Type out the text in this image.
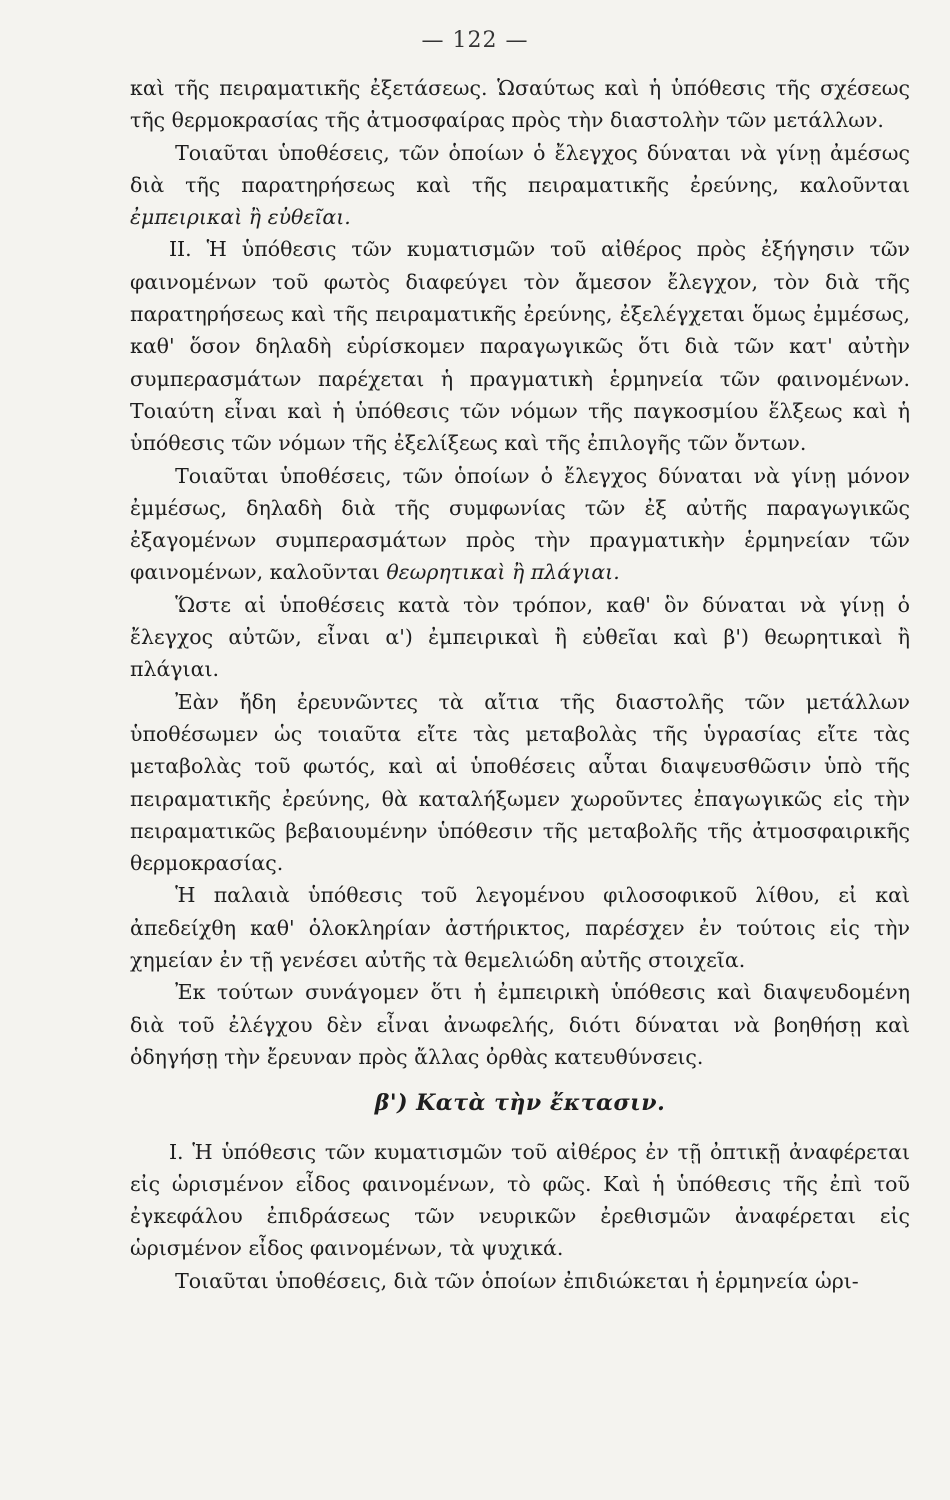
— 122 —

καὶ τῆς πειραματικῆς ἐξετάσεως. Ὡσαύτως καὶ ἡ ὑπόθεσις τῆς σχέσεως τῆς θερμοκρασίας τῆς ἀτμοσφαίρας πρὸς τὴν διαστολὴν τῶν μετάλλων.

Τοιαῦται ὑποθέσεις, τῶν ὁποίων ὁ ἔλεγχος δύναται νὰ γίνῃ ἀμέσως διὰ τῆς παρατηρήσεως καὶ τῆς πειραματικῆς ἐρεύνης, καλοῦνται ἐμπειρικαὶ ἢ εὐθεῖαι.

II. Ἡ ὑπόθεσις τῶν κυματισμῶν τοῦ αἰθέρος πρὸς ἐξήγησιν τῶν φαινομένων τοῦ φωτὸς διαφεύγει τὸν ἄμεσον ἔλεγχον, τὸν διὰ τῆς παρατηρήσεως καὶ τῆς πειραματικῆς ἐρεύνης, ἐξελέγχεται ὅμως ἐμμέσως, καθ' ὅσον δηλαδὴ εὑρίσκομεν παραγωγικῶς ὅτι διὰ τῶν κατ' αὐτὴν συμπερασμάτων παρέχεται ἡ πραγματικὴ ἑρμηνεία τῶν φαινομένων. Τοιαύτη εἶναι καὶ ἡ ὑπόθεσις τῶν νόμων τῆς παγκοσμίου ἕλξεως καὶ ἡ ὑπόθεσις τῶν νόμων τῆς ἐξελίξεως καὶ τῆς ἐπιλογῆς τῶν ὄντων.

Τοιαῦται ὑποθέσεις, τῶν ὁποίων ὁ ἔλεγχος δύναται νὰ γίνῃ μόνον ἐμμέσως, δηλαδὴ διὰ τῆς συμφωνίας τῶν ἐξ αὐτῆς παραγωγικῶς ἐξαγομένων συμπερασμάτων πρὸς τὴν πραγματικὴν ἑρμηνείαν τῶν φαινομένων, καλοῦνται θεωρητικαὶ ἢ πλάγιαι.

Ὥστε αἱ ὑποθέσεις κατὰ τὸν τρόπον, καθ' ὃν δύναται νὰ γίνῃ ὁ ἔλεγχος αὐτῶν, εἶναι α') ἐμπειρικαὶ ἢ εὐθεῖαι καὶ β') θεωρητικαὶ ἢ πλάγιαι.

Ἐὰν ἤδη ἐρευνῶντες τὰ αἴτια τῆς διαστολῆς τῶν μετάλλων ὑποθέσωμεν ὡς τοιαῦτα εἴτε τὰς μεταβολὰς τῆς ὑγρασίας εἴτε τὰς μεταβολὰς τοῦ φωτός, καὶ αἱ ὑποθέσεις αὗται διαψευσθῶσιν ὑπὸ τῆς πειραματικῆς ἐρεύνης, θὰ καταλήξωμεν χωροῦντες ἐπαγωγικῶς εἰς τὴν πειραματικῶς βεβαιουμένην ὑπόθεσιν τῆς μεταβολῆς τῆς ἀτμοσφαιρικῆς θερμοκρασίας.

Ἡ παλαιὰ ὑπόθεσις τοῦ λεγομένου φιλοσοφικοῦ λίθου, εἰ καὶ ἀπεδείχθη καθ' ὁλοκληρίαν ἀστήρικτος, παρέσχεν ἐν τούτοις εἰς τὴν χημείαν ἐν τῇ γενέσει αὐτῆς τὰ θεμελιώδη αὐτῆς στοιχεῖα.

Ἐκ τούτων συνάγομεν ὅτι ἡ ἐμπειρικὴ ὑπόθεσις καὶ διαψευδομένη διὰ τοῦ ἐλέγχου δὲν εἶναι ἀνωφελής, διότι δύναται νὰ βοηθήσῃ καὶ ὁδηγήσῃ τὴν ἔρευναν πρὸς ἄλλας ὀρθὰς κατευθύνσεις.

β') Κατὰ τὴν ἔκτασιν.

I. Ἡ ὑπόθεσις τῶν κυματισμῶν τοῦ αἰθέρος ἐν τῇ ὀπτικῇ ἀναφέρεται εἰς ὡρισμένον εἶδος φαινομένων, τὸ φῶς. Καὶ ἡ ὑπόθεσις τῆς ἐπὶ τοῦ ἐγκεφάλου ἐπιδράσεως τῶν νευρικῶν ἐρεθισμῶν ἀναφέρεται εἰς ὡρισμένον εἶδος φαινομένων, τὰ ψυχικά.

Τοιαῦται ὑποθέσεις, διὰ τῶν ὁποίων ἐπιδιώκεται ἡ ἑρμηνεία ὡρι-
